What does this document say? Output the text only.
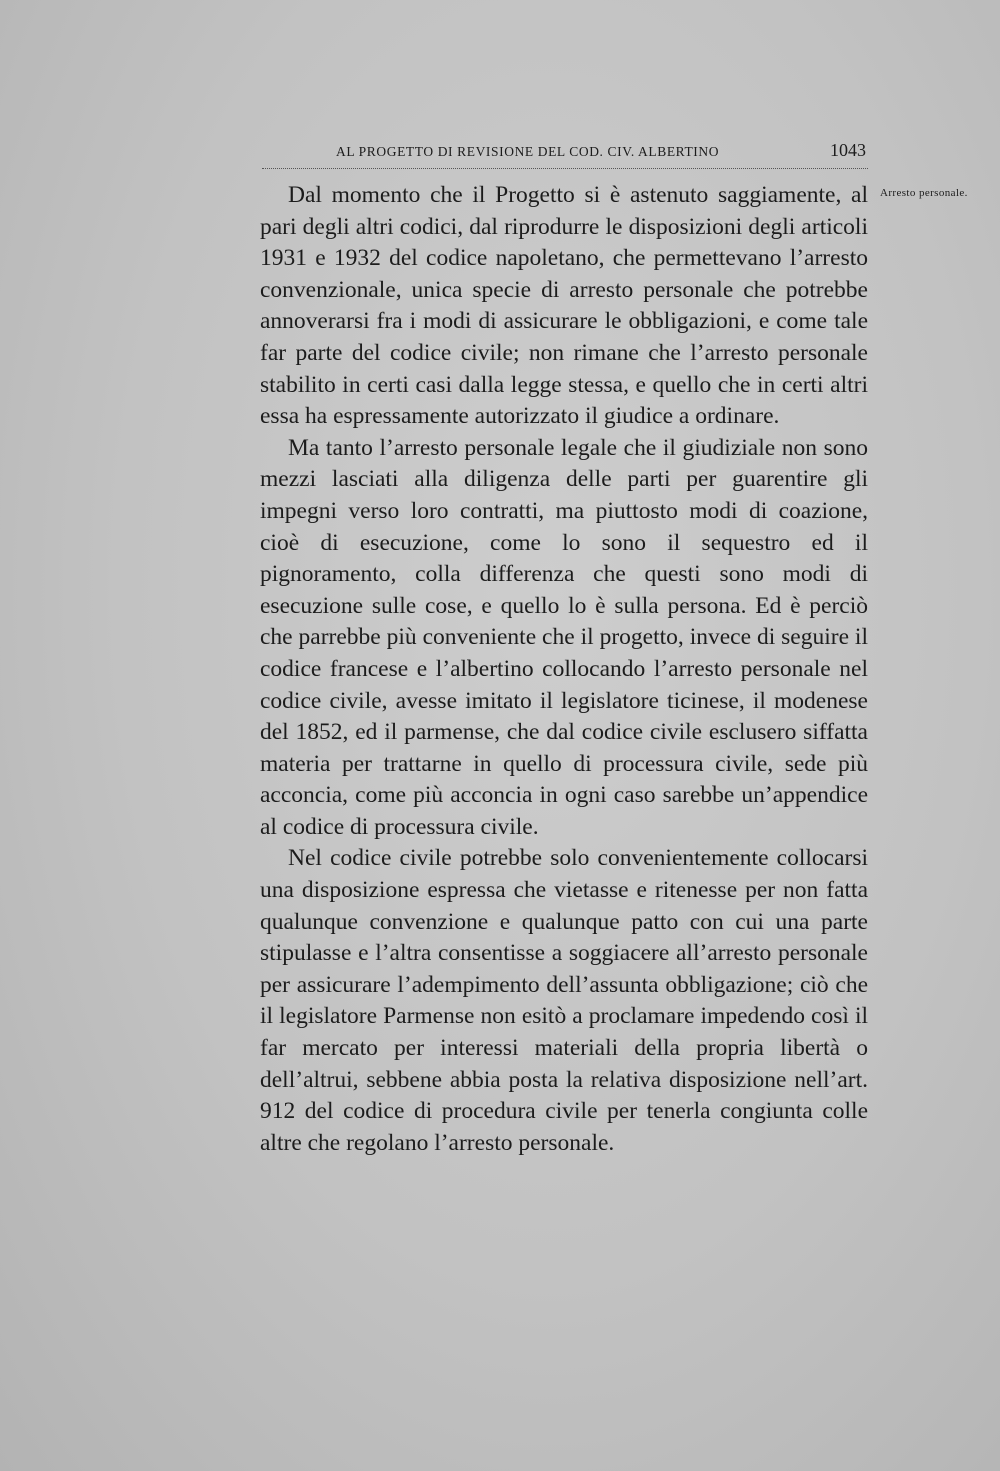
AL PROGETTO DI REVISIONE DEL COD. CIV. ALBERTINO	1043
Arresto personale.

Dal momento che il Progetto si è astenuto saggiamente, al pari degli altri codici, dal riprodurre le disposizioni degli articoli 1931 e 1932 del codice napoletano, che permettevano l’arresto convenzionale, unica specie di arresto personale che potrebbe annoverarsi fra i modi di assicurare le obbligazioni, e come tale far parte del codice civile; non rimane che l’arresto personale stabilito in certi casi dalla legge stessa, e quello che in certi altri essa ha espressamente autorizzato il giudice a ordinare.

Ma tanto l’arresto personale legale che il giudiziale non sono mezzi lasciati alla diligenza delle parti per guarentire gli impegni verso loro contratti, ma piuttosto modi di coazione, cioè di esecuzione, come lo sono il sequestro ed il pignoramento, colla differenza che questi sono modi di esecuzione sulle cose, e quello lo è sulla persona. Ed è perciò che parrebbe più conveniente che il progetto, invece di seguire il codice francese e l’albertino collocando l’arresto personale nel codice civile, avesse imitato il legislatore ticinese, il modenese del 1852, ed il parmense, che dal codice civile esclusero siffatta materia per trattarne in quello di processura civile, sede più acconcia, come più acconcia in ogni caso sarebbe un’appendice al codice di processura civile.

Nel codice civile potrebbe solo convenientemente collocarsi una disposizione espressa che vietasse e ritenesse per non fatta qualunque convenzione e qualunque patto con cui una parte stipulasse e l’altra consentisse a soggiacere all’arresto personale per assicurare l’adempimento dell’assunta obbligazione; ciò che il legislatore Parmense non esitò a proclamare impedendo così il far mercato per interessi materiali della propria libertà o dell’altrui, sebbene abbia posta la relativa disposizione nell’art. 912 del codice di procedura civile per tenerla congiunta colle altre che regolano l’arresto personale.
